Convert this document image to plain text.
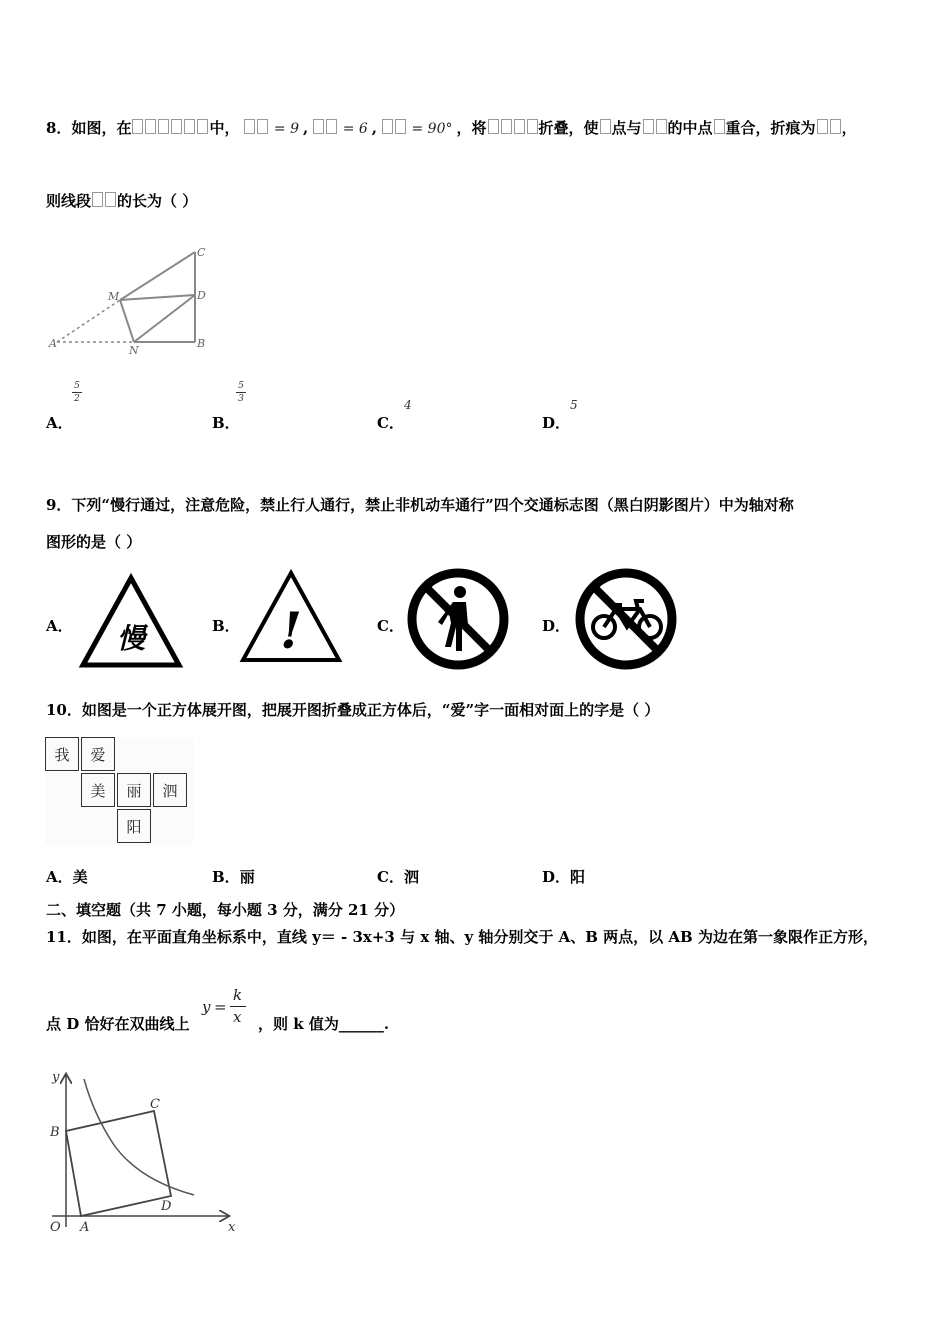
8．如图，在	中， = 9 , = 6 , = 90° ，将	折叠，使 点与 的中点 重合，折痕为 ，
则线段 的长为（ ）
C
M	D
A
N
B
A．
5
2
B．
5
3
C．
4
D．
5
9．下列“慢行通过，注意危险，禁止行人通行，禁止非机动车通行”四个交通标志图（黑白阴影图片）中为轴对称
图形的是（ ）
A． 慢	B． !	C．	D．
10．如图是一个正方体展开图，把展开图折叠成正方体后，“爱”字一面相对面上的字是（ ）
我	爱
美	丽	泗
阳
A．美	B．丽	C．泗	D．阳
二、填空题（共 7 小题，每小题 3 分，满分 21 分）
11．如图，在平面直角坐标系中，直线 y＝ - 3x+3 与 x 轴、y 轴分别交于 A、B 两点，以 AB 为边在第一象限作正方形，
点 D 恰好在双曲线上
y =
k
x ，则 k 值为______.
y
B
C
D
O A	x
